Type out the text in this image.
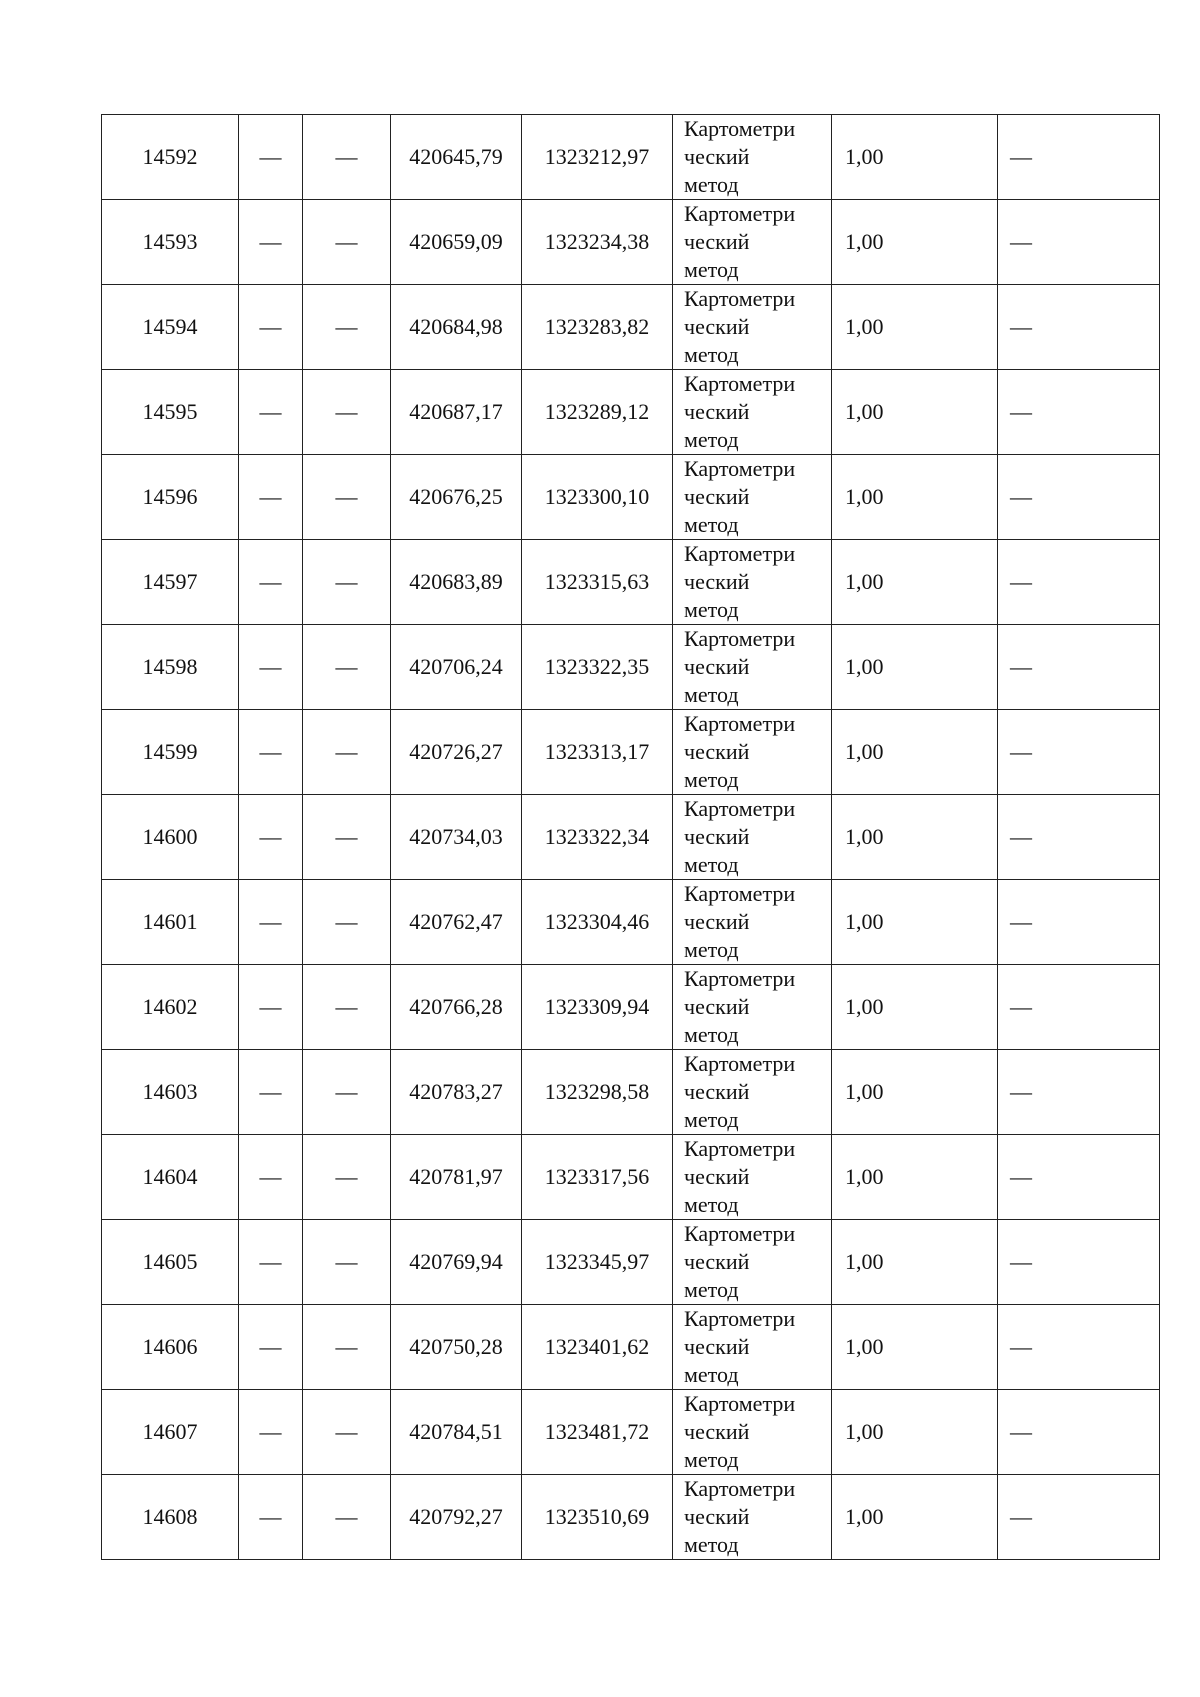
14592	—	—	420645,79	1323212,97	Картометри
ческий
метод	1,00	—
14593	—	—	420659,09	1323234,38	Картометри
ческий
метод	1,00	—
14594	—	—	420684,98	1323283,82	Картометри
ческий
метод	1,00	—
14595	—	—	420687,17	1323289,12	Картометри
ческий
метод	1,00	—
14596	—	—	420676,25	1323300,10	Картометри
ческий
метод	1,00	—
14597	—	—	420683,89	1323315,63	Картометри
ческий
метод	1,00	—
14598	—	—	420706,24	1323322,35	Картометри
ческий
метод	1,00	—
14599	—	—	420726,27	1323313,17	Картометри
ческий
метод	1,00	—
14600	—	—	420734,03	1323322,34	Картометри
ческий
метод	1,00	—
14601	—	—	420762,47	1323304,46	Картометри
ческий
метод	1,00	—
14602	—	—	420766,28	1323309,94	Картометри
ческий
метод	1,00	—
14603	—	—	420783,27	1323298,58	Картометри
ческий
метод	1,00	—
14604	—	—	420781,97	1323317,56	Картометри
ческий
метод	1,00	—
14605	—	—	420769,94	1323345,97	Картометри
ческий
метод	1,00	—
14606	—	—	420750,28	1323401,62	Картометри
ческий
метод	1,00	—
14607	—	—	420784,51	1323481,72	Картометри
ческий
метод	1,00	—
14608	—	—	420792,27	1323510,69	Картометри
ческий
метод	1,00	—
